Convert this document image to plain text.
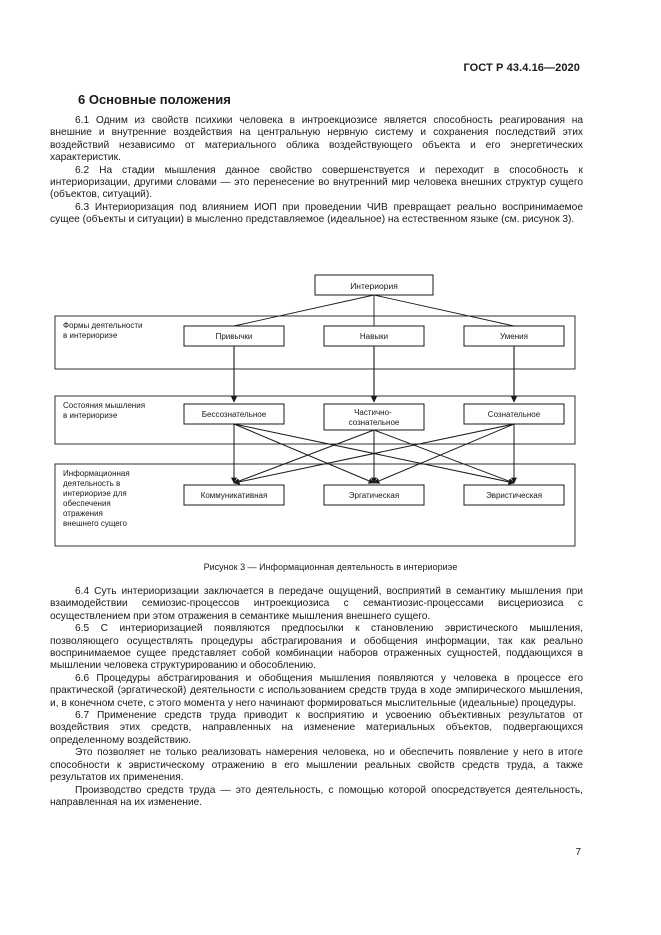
ГОСТ Р 43.4.16—2020
6 Основные положения

6.1 Одним из свойств психики человека в интроекциозисе является способность реагирования на внешние и внутренние воздействия на центральную нервную систему и сохранения последствий этих воздействий независимо от материального облика воздействующего объекта и его энергетических характеристик.

6.2 На стадии мышления данное свойство совершенствуется и переходит в способность к интериоризации, другими словами — это перенесение во внутренний мир человека внешних структур сущего (объектов, ситуаций).

6.3 Интериоризация под влиянием ИОП при проведении ЧИВ превращает реально воспринимаемое сущее (объекты и ситуации) в мысленно представляемое (идеальное) на естественном языке (см. рисунок 3).

Интериория
Формы деятельности в интериориэе
Состояния мышления в интериориэе
Информационная деятельность в интериориэе для обеспечения отражения внешнего сущего
Привычки	Навыки	Умения
Бессознательное	Частично- сознательное
Сознательное
Коммуникативная	Эргатическая	Эвристическая
Рисунок 3 — Информационная деятельность в интериориэе

6.4 Суть интериоризации заключается в передаче ощущений, восприятий в семантику мышления при взаимодействии семиозис-процессов интроекциозиса с семантиозис-процессами висцериозиса с осуществлением при этом отражения в семантике мышления внешнего сущего.

6.5 С интериоризацией появляются предпосылки к становлению эвристического мышления, позволяющего осуществлять процедуры абстрагирования и обобщения информации, так как реально воспринимаемое сущее представляет собой комбинации наборов отраженных сущностей, поддающихся в мышлении человека структурированию и обособлению.

6.6 Процедуры абстрагирования и обобщения мышления появляются у человека в процессе его практической (эргатической) деятельности с использованием средств труда в ходе эмпирического мышления, и, в конечном счете, с этого момента у него начинают формироваться мыслительные (идеальные) процедуры.

6.7 Применение средств труда приводит к восприятию и усвоению объективных результатов от воздействия этих средств, направленных на изменение материальных объектов, подвергающихся определенному воздействию.

Это позволяет не только реализовать намерения человека, но и обеспечить появление у него в итоге способности к эвристическому отражению в его мышлении реальных свойств средств труда, а также результатов их применения.

Производство средств труда — это деятельность, с помощью которой опосредствуется деятельность, направленная на их изменение.

7
